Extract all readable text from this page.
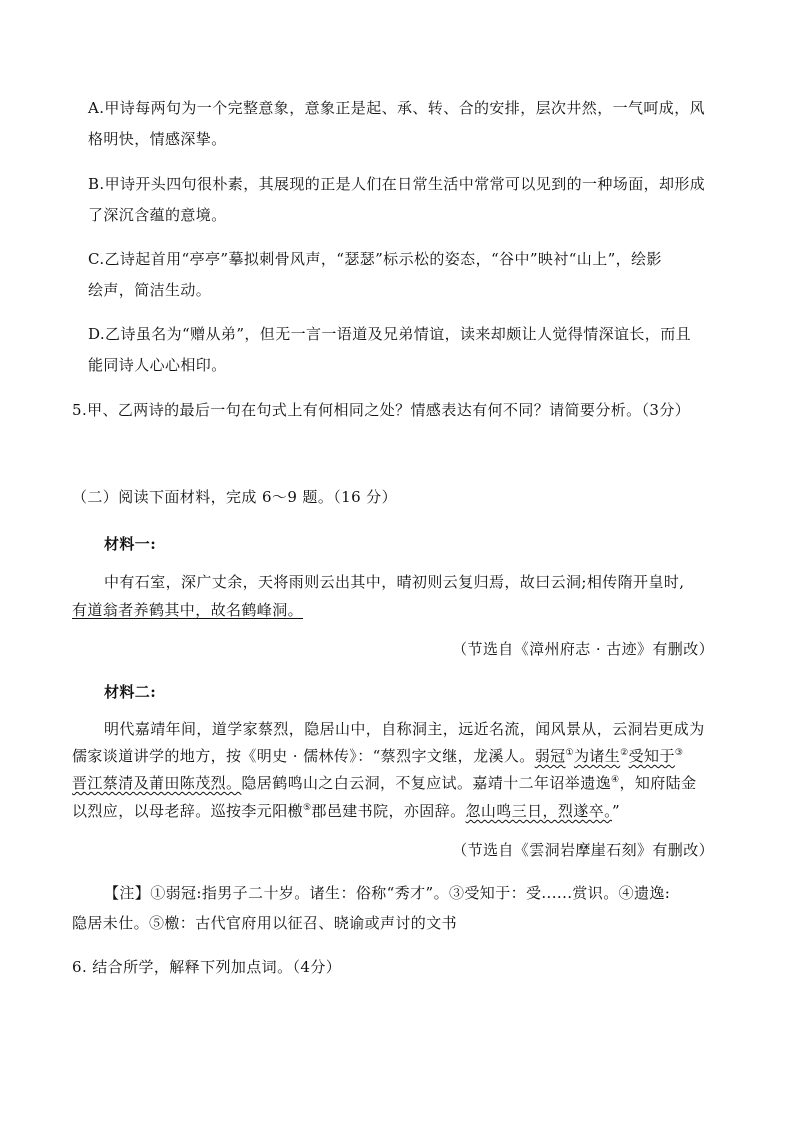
A.甲诗每两句为一个完整意象，意象正是起、承、转、合的安排，层次井然，一气呵成，风
格明快，情感深挚。
B.甲诗开头四句很朴素，其展现的正是人们在日常生活中常常可以见到的一种场面，却形成
了深沉含蕴的意境。
C.乙诗起首用“亭亭”摹拟刺骨风声，“瑟瑟”标示松的姿态，“谷中”映衬“山上”，绘影
绘声，简洁生动。
D.乙诗虽名为“赠从弟”，但无一言一语道及兄弟情谊，读来却颇让人觉得情深谊长，而且
能同诗人心心相印。
5.甲、乙两诗的最后一句在句式上有何相同之处？情感表达有何不同？请简要分析。（3分）
（二）阅读下面材料，完成 6～9 题。（16 分）
材料一:
中有石室，深广丈余，天将雨则云出其中，晴初则云复归焉，故曰云洞;相传隋开皇时,
有道翁者养鹤其中，故名鹤峰洞。
（节选自《漳州府志 · 古迹》有删改）
材料二:
明代嘉靖年间，道学家蔡烈，隐居山中，自称洞主，远近名流，闻风景从，云洞岩更成为
儒家谈道讲学的地方，按《明史 · 儒林传》：“蔡烈字文继，龙溪人。弱冠①为诸生②受知于③
晋江蔡清及莆田陈茂烈。隐居鹤鸣山之白云洞，不复应试。嘉靖十二年诏举遗逸④，知府陆金
以烈应，以母老辞。巡按李元阳檄⑤郡邑建书院，亦固辞。忽山鸣三日，烈遂卒。”
（节选自《雲洞岩摩崖石刻》有删改）
【注】①弱冠:指男子二十岁。诸生：俗称“秀才”。③受知于：受......赏识。④遗逸:
隐居未仕。⑤檄：古代官府用以征召、晓谕或声讨的文书
6. 结合所学，解释下列加点词。（4分）
